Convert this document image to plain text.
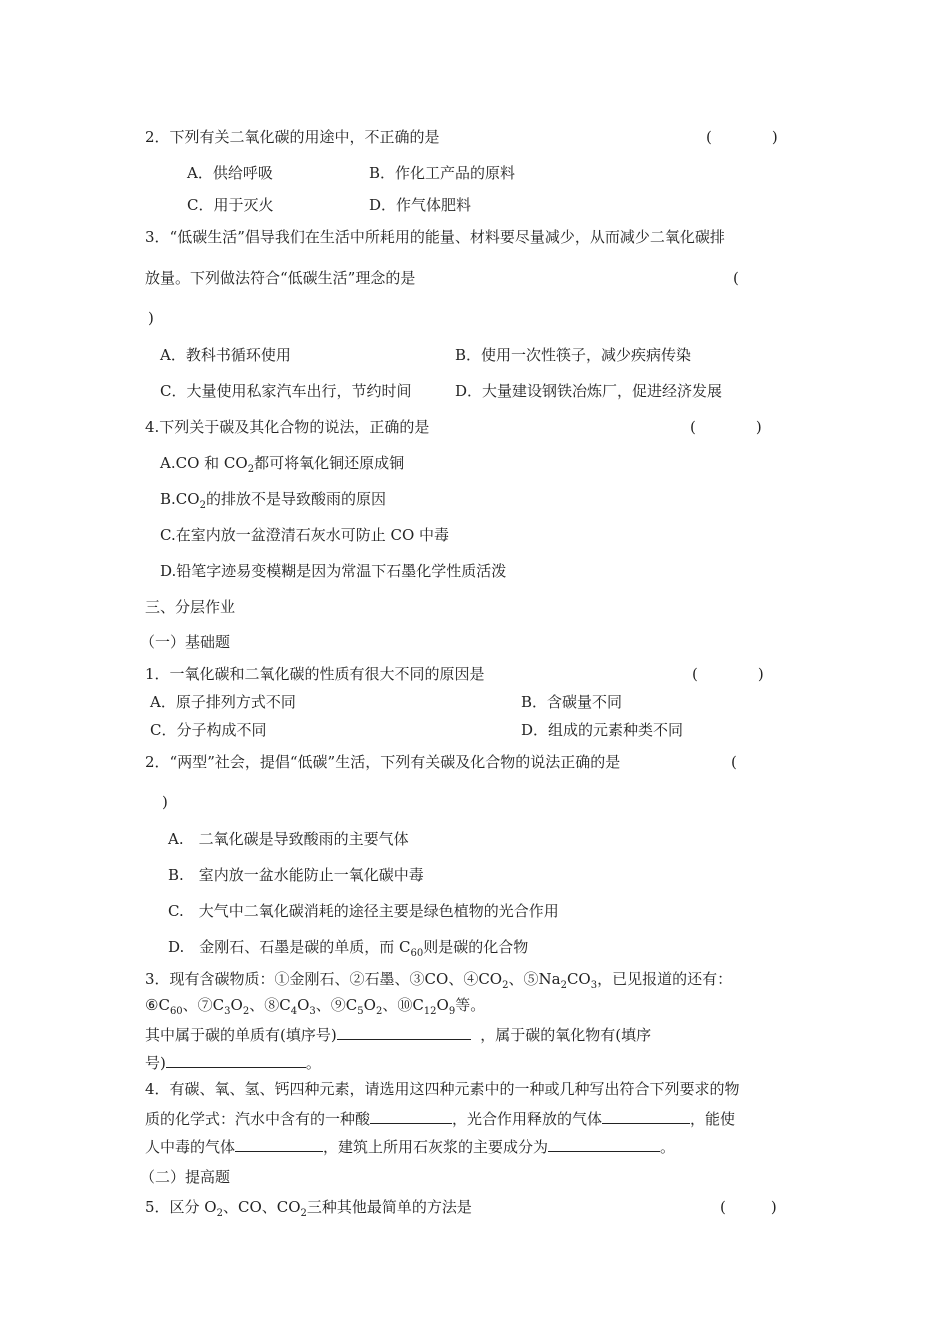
2．下列有关二氧化碳的用途中，不正确的是	(　　　　)
A．供给呼吸	B．作化工产品的原料
C．用于灭火	D．作气体肥料
3．“低碳生活”倡导我们在生活中所耗用的能量、材料要尽量减少，从而减少二氧化碳排
放量。下列做法符合“低碳生活”理念的是	(
)
A．教科书循环使用	B．使用一次性筷子，减少疾病传染
C．大量使用私家汽车出行，节约时间	D．大量建设钢铁冶炼厂，促进经济发展
4.下列关于碳及其化合物的说法，正确的是	(　　　　)
A.CO 和 $CO_2$都可将氧化铜还原成铜
$B.CO_2$的排放不是导致酸雨的原因
C.在室内放一盆澄清石灰水可防止 CO 中毒
D.铅笔字迹易变模糊是因为常温下石墨化学性质活泼
三、分层作业
（一）基础题
1．一氧化碳和二氧化碳的性质有很大不同的原因是	(　　　　)
A．原子排列方式不同	B．含碳量不同
C．分子构成不同	D．组成的元素种类不同
2．“两型”社会，提倡“低碳”生活，下列有关碳及化合物的说法正确的是	(
)
A.　二氧化碳是导致酸雨的主要气体
B.　室内放一盆水能防止一氧化碳中毒
C.　大气中二氧化碳消耗的途径主要是绿色植物的光合作用
D.　金刚石、石墨是碳的单质，而 $C_{60}$则是碳的化合物
3．现有含碳物质：①金刚石、②石墨、③CO、$④CO_2$、$⑤Na_2CO_3$，已见报道的还有：
$⑥C_{60}$、$⑦C_3O_2$、$⑧C_4O_3$、$⑨C_5O_2$、$⑩C_{12}O_9$等。
其中属于碳的单质有(填序号)	，属于碳的氧化物有(填序
号)	。
4．有碳、氧、氢、钙四种元素，请选用这四种元素中的一种或几种写出符合下列要求的物
质的化学式：汽水中含有的一种酸	，光合作用释放的气体	，能使
人中毒的气体	，建筑上所用石灰浆的主要成分为	。
（二）提高题
5．区分 $O_2$、CO、$CO_2$三种其他最简单的方法是	(　　　)
